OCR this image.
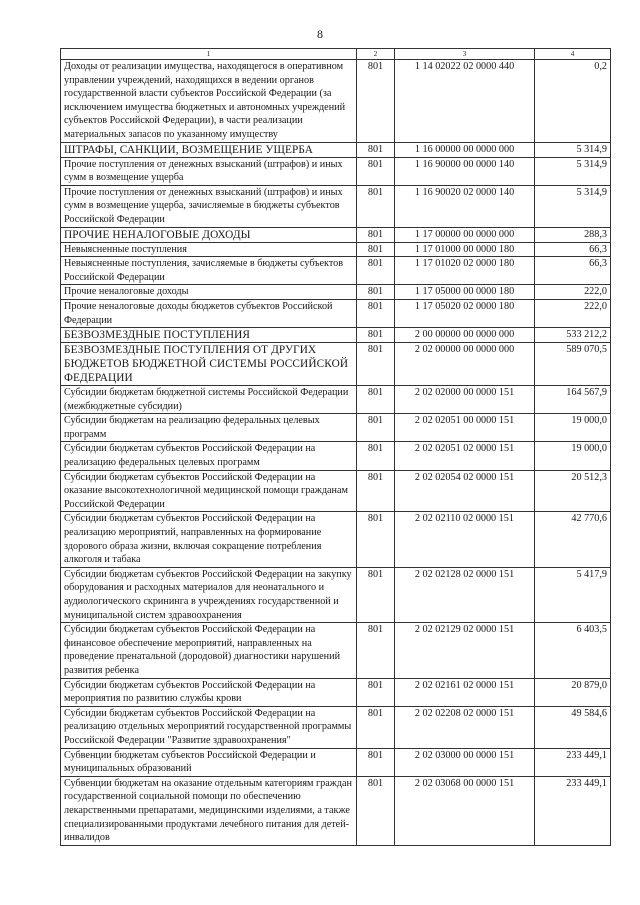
8
1	2	3	4
Доходы от реализации имущества, находящегося в оперативном управлении учреждений, находящихся в ведении органов государственной власти субъектов Российской Федерации (за исключением имущества бюджетных и автономных учреждений субъектов Российской Федерации), в части реализации материальных запасов по указанному имуществу	801	1 14 02022 02 0000 440	0,2
ШТРАФЫ, САНКЦИИ, ВОЗМЕЩЕНИЕ УЩЕРБА	801	1 16 00000 00 0000 000	5 314,9
Прочие поступления от денежных взысканий (штрафов) и иных сумм в возмещение ущерба	801	1 16 90000 00 0000 140	5 314,9
Прочие поступления от денежных взысканий (штрафов) и иных сумм в возмещение ущерба, зачисляемые в бюджеты субъектов Российской Федерации	801	1 16 90020 02 0000 140	5 314,9
ПРОЧИЕ НЕНАЛОГОВЫЕ ДОХОДЫ	801	1 17 00000 00 0000 000	288,3
Невыясненные поступления	801	1 17 01000 00 0000 180	66,3
Невыясненные поступления, зачисляемые в бюджеты субъектов Российской Федерации	801	1 17 01020 02 0000 180	66,3
Прочие неналоговые доходы	801	1 17 05000 00 0000 180	222,0
Прочие неналоговые доходы бюджетов субъектов Российской Федерации	801	1 17 05020 02 0000 180	222,0
БЕЗВОЗМЕЗДНЫЕ ПОСТУПЛЕНИЯ	801	2 00 00000 00 0000 000	533 212,2
БЕЗВОЗМЕЗДНЫЕ ПОСТУПЛЕНИЯ ОТ ДРУГИХ БЮДЖЕТОВ БЮДЖЕТНОЙ СИСТЕМЫ РОССИЙСКОЙ ФЕДЕРАЦИИ	801	2 02 00000 00 0000 000	589 070,5
Субсидии бюджетам бюджетной системы Российской Федерации (межбюджетные субсидии)	801	2 02 02000 00 0000 151	164 567,9
Субсидии бюджетам на реализацию федеральных целевых программ	801	2 02 02051 00 0000 151	19 000,0
Субсидии бюджетам субъектов Российской Федерации на реализацию федеральных целевых программ	801	2 02 02051 02 0000 151	19 000,0
Субсидии бюджетам субъектов Российской Федерации на оказание высокотехнологичной медицинской помощи гражданам Российской Федерации	801	2 02 02054 02 0000 151	20 512,3
Субсидии бюджетам субъектов Российской Федерации на реализацию мероприятий, направленных на формирование здорового образа жизни, включая сокращение потребления алкоголя и табака	801	2 02 02110 02 0000 151	42 770,6
Субсидии бюджетам субъектов Российской Федерации на закупку оборудования и расходных материалов для неонатального и аудиологического скрининга в учреждениях государственной и муниципальной систем здравоохранения	801	2 02 02128 02 0000 151	5 417,9
Субсидии бюджетам субъектов Российской Федерации на финансовое обеспечение мероприятий, направленных на проведение пренатальной (дородовой) диагностики нарушений развития ребенка	801	2 02 02129 02 0000 151	6 403,5
Субсидии бюджетам субъектов Российской Федерации на мероприятия по развитию службы крови	801	2 02 02161 02 0000 151	20 879,0
Субсидии бюджетам субъектов Российской Федерации на реализацию отдельных мероприятий государственной программы Российской Федерации "Развитие здравоохранения"	801	2 02 02208 02 0000 151	49 584,6
Субвенции бюджетам субъектов Российской Федерации и муниципальных образований	801	2 02 03000 00 0000 151	233 449,1
Субвенции бюджетам на оказание отдельным категориям граждан государственной социальной помощи по обеспечению лекарственными препаратами, медицинскими изделиями, а также специализированными продуктами лечебного питания для детей-инвалидов	801	2 02 03068 00 0000 151	233 449,1
